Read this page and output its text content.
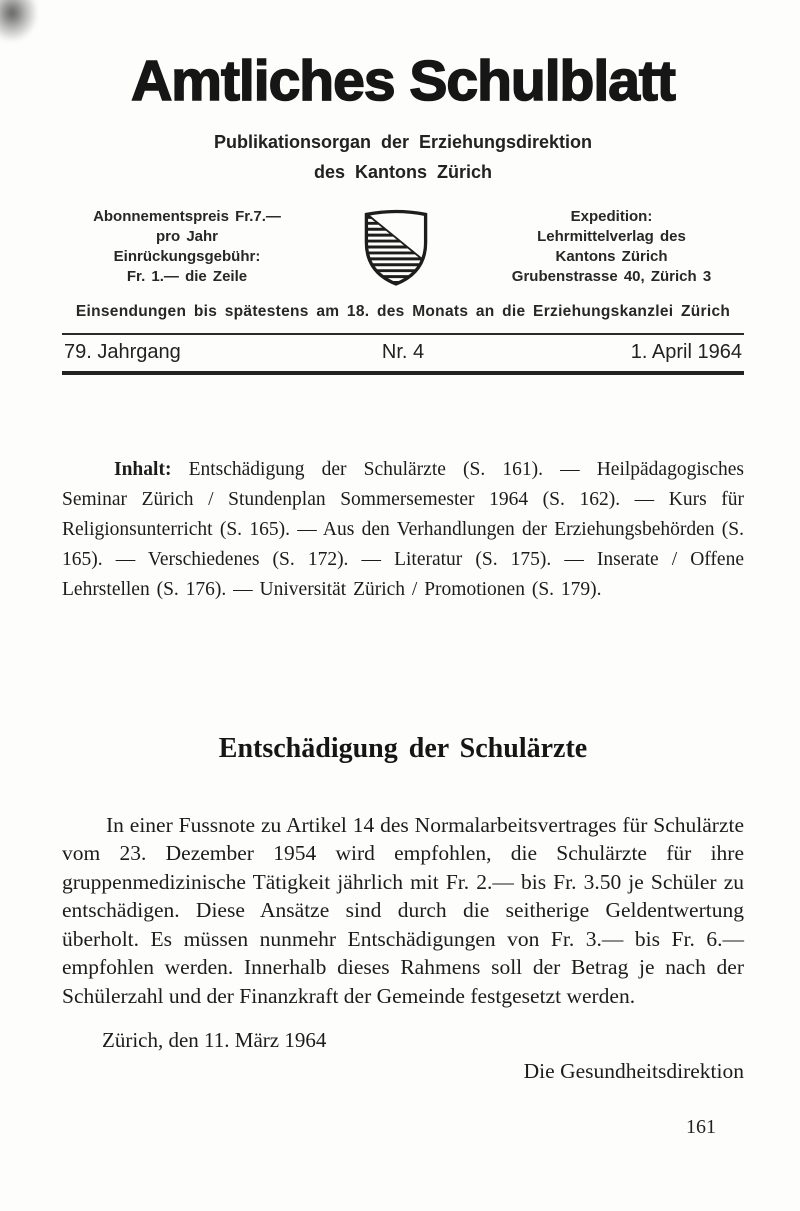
Amtliches Schulblatt
Publikationsorgan der Erziehungsdirektion
des Kantons Zürich
Abonnementspreis Fr.7.—
pro Jahr
Einrückungsgebühr:
Fr. 1.— die Zeile
Expedition:
Lehrmittelverlag des
Kantons Zürich
Grubenstrasse 40, Zürich 3
Einsendungen bis spätestens am 18. des Monats an die Erziehungskanzlei Zürich
79. Jahrgang	Nr. 4	1. April 1964

Inhalt: Entschädigung der Schulärzte (S. 161). — Heilpädagogisches Seminar Zürich / Stundenplan Sommersemester 1964 (S. 162). — Kurs für Religionsunterricht (S. 165). — Aus den Verhandlungen der Erziehungsbehörden (S. 165). — Verschiedenes (S. 172). — Literatur (S. 175). — Inserate / Offene Lehrstellen (S. 176). — Universität Zürich / Promotionen (S. 179).

Entschädigung der Schulärzte

In einer Fussnote zu Artikel 14 des Normalarbeitsvertrages für Schulärzte vom 23. Dezember 1954 wird empfohlen, die Schulärzte für ihre gruppenmedizinische Tätigkeit jährlich mit Fr. 2.— bis Fr. 3.50 je Schüler zu entschädigen. Diese Ansätze sind durch die seitherige Geldentwertung überholt. Es müssen nunmehr Entschädigungen von Fr. 3.— bis Fr. 6.— empfohlen werden. Innerhalb dieses Rahmens soll der Betrag je nach der Schülerzahl und der Finanzkraft der Gemeinde festgesetzt werden.

Zürich, den 11. März 1964

Die Gesundheitsdirektion

161
